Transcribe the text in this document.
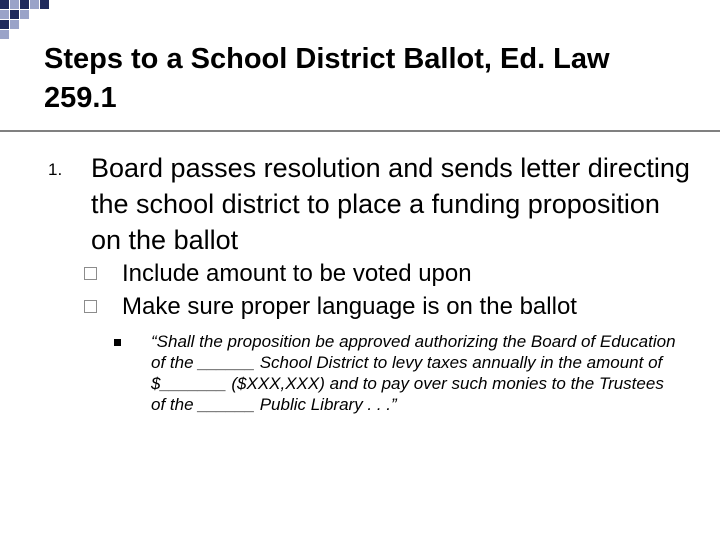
Steps to a School District Ballot, Ed. Law 259.1
1. Board passes resolution and sends letter directing the school district to place a funding proposition on the ballot
Include amount to be voted upon
Make sure proper language is on the ballot

“Shall the proposition be approved authorizing the Board of Education of the ______ School District to levy taxes annually in the amount of $_______ ($XXX,XXX) and to pay over such monies to the Trustees of the ______ Public Library . . .”
